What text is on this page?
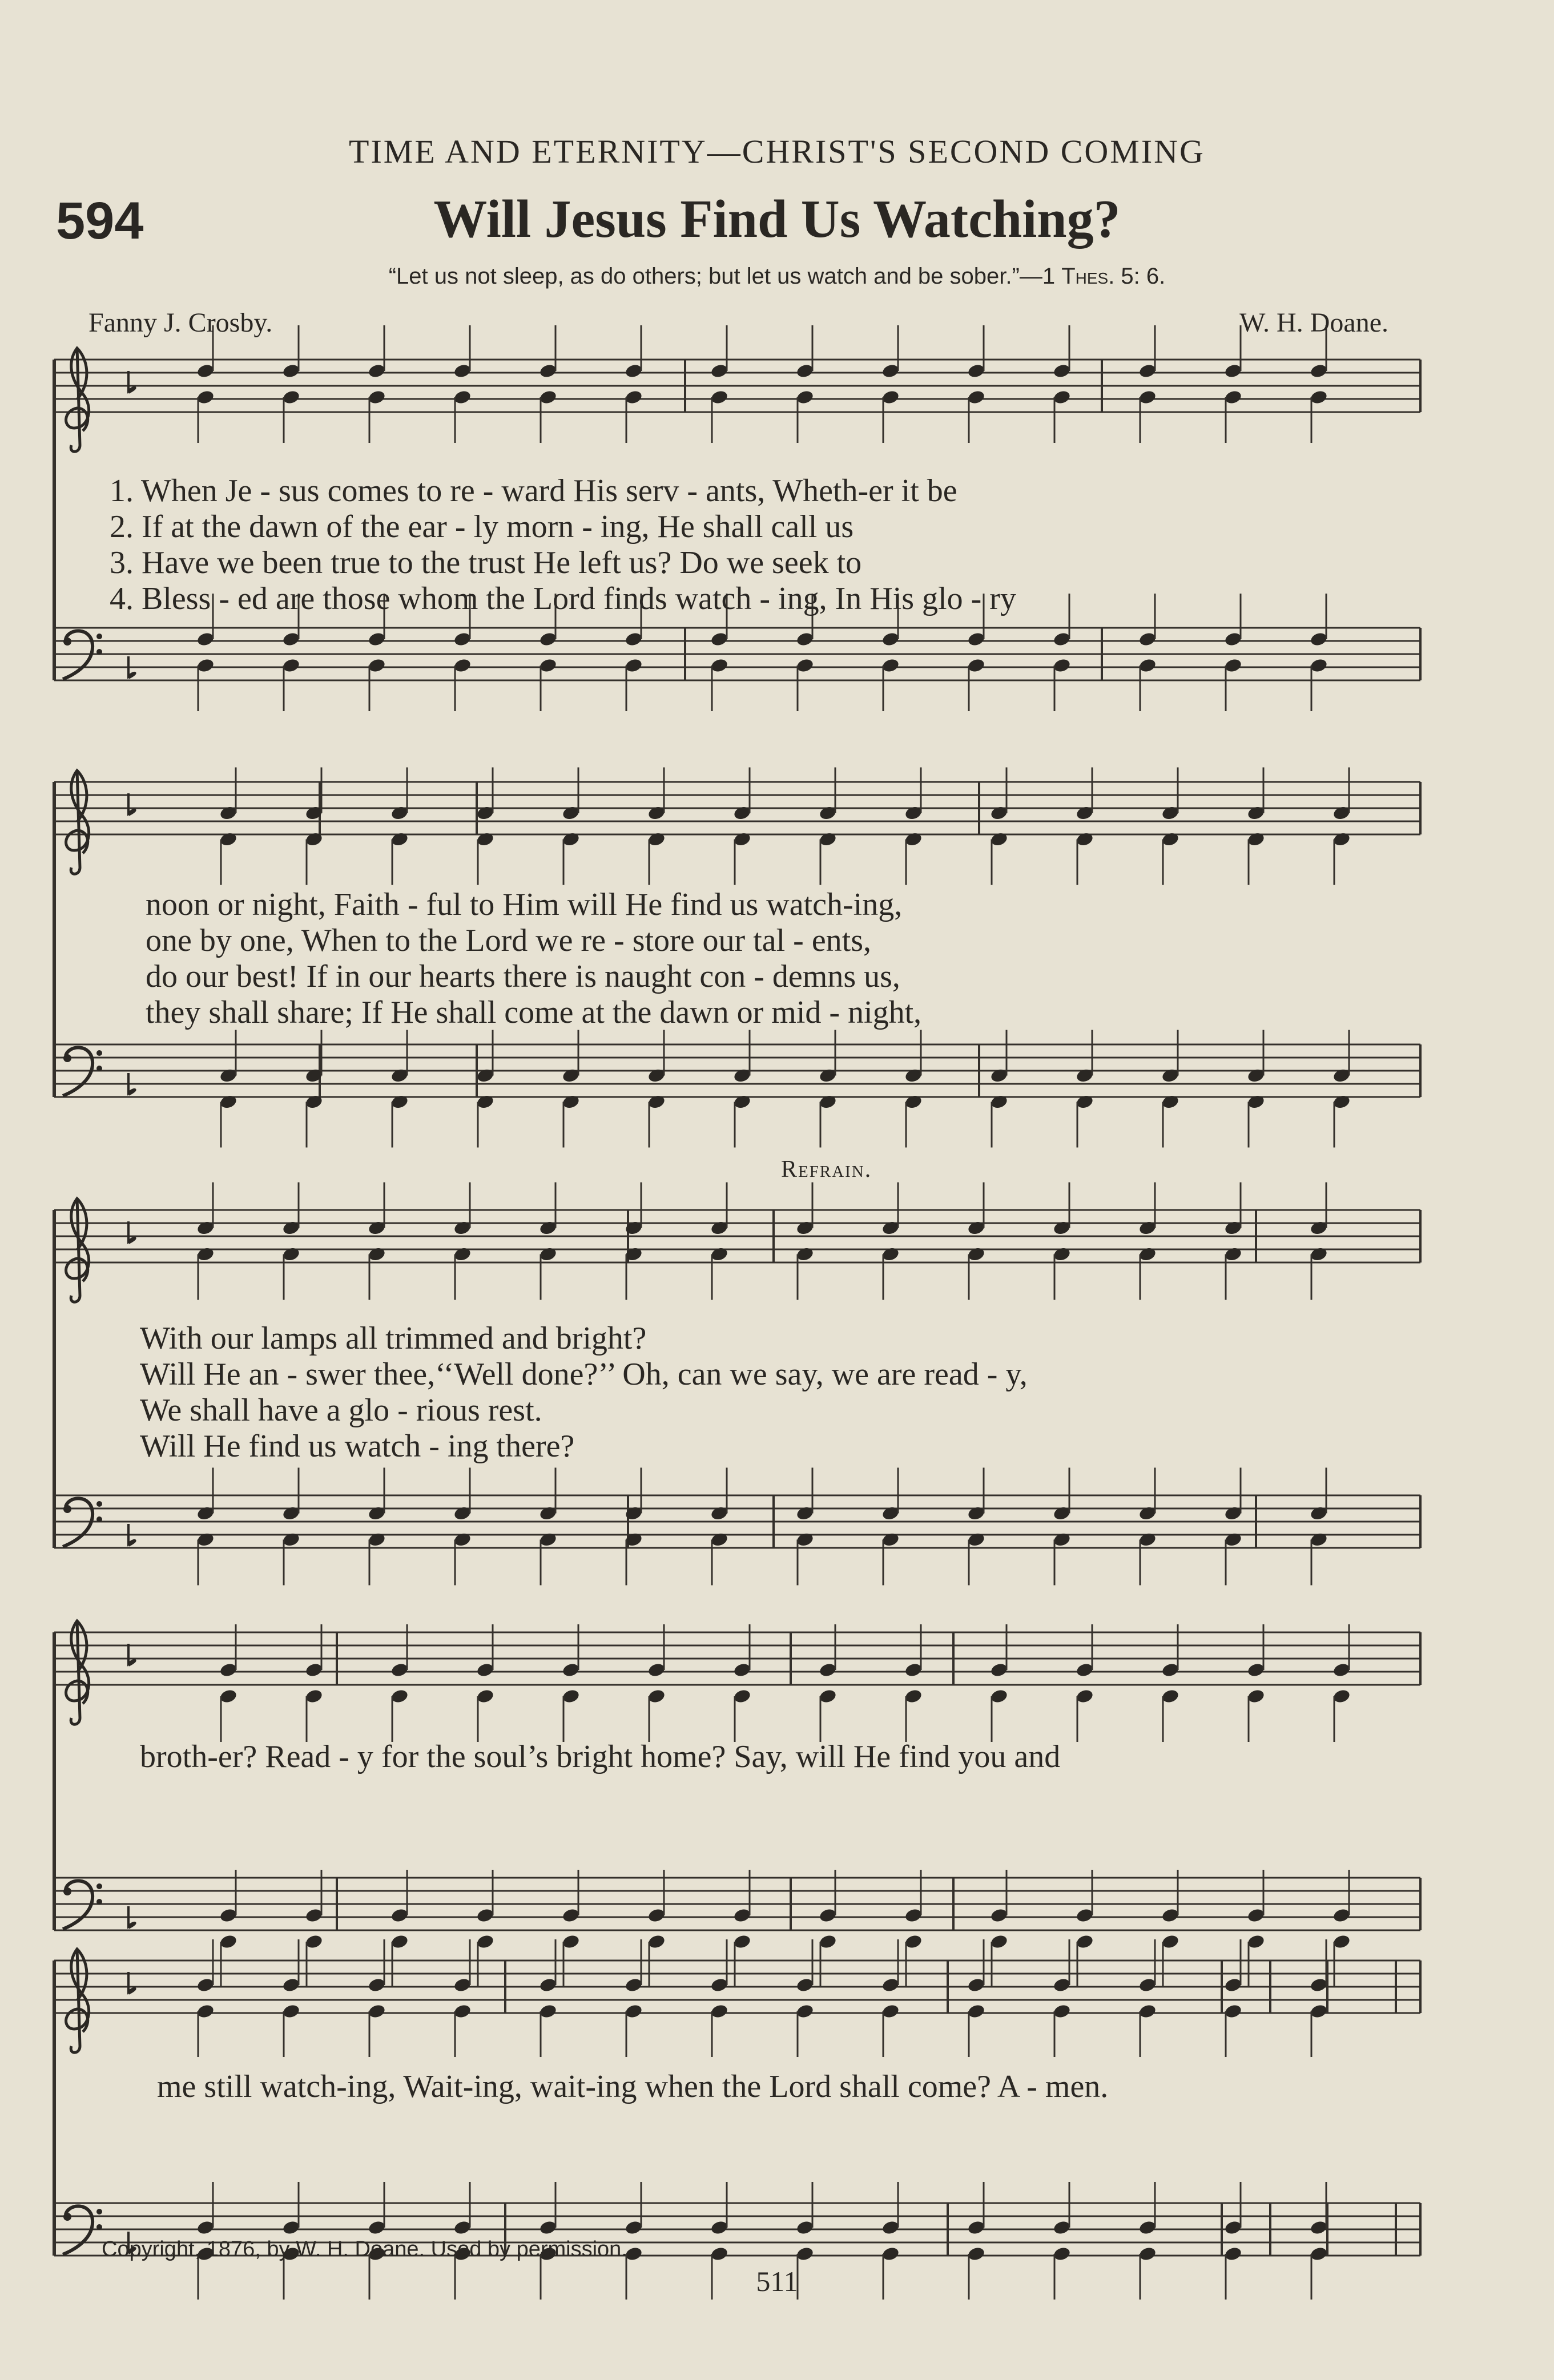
TIME AND ETERNITY—CHRIST'S SECOND COMING
594	Will Jesus Find Us Watching?
“Let us not sleep, as do others; but let us watch and be sober.”—1 Thes. 5: 6.
Fanny J. Crosby.	W. H. Doane.
1. When Je - sus comes to re - ward His serv - ants, Wheth-er it be
2. If at the dawn of the ear - ly morn - ing, He shall call us
3. Have we been true to the trust He left us? Do we seek to
4. Bless - ed are those whom the Lord finds watch - ing, In His glo - ry
noon or night, Faith - ful to Him will He find us watch-ing,
one by one, When to the Lord we re - store our tal - ents,
do our best! If in our hearts there is naught con - demns us,
they shall share; If He shall come at the dawn or mid - night,
Refrain.
With our lamps all trimmed and bright?
Will He an - swer thee,‘‘Well done?’’ Oh, can we say, we are read - y,
We shall have a glo - rious rest.
Will He find us watch - ing there?
broth-er? Read - y for the soul’s bright home? Say, will He find you and
me still watch-ing, Wait-ing, wait-ing when the Lord shall come? A - men.
Copyright, 1876, by W. H. Doane. Used by permission.
511
